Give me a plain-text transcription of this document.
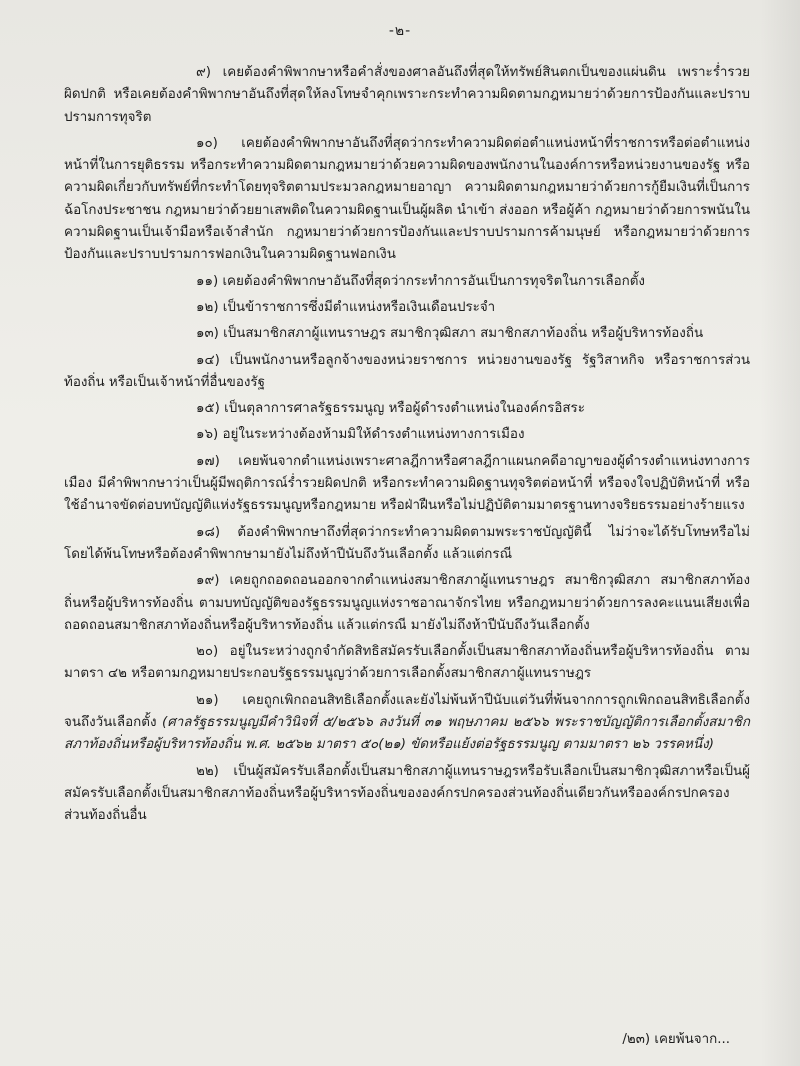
-๒-

๙) เคยต้องคำพิพากษาหรือคำสั่งของศาลอันถึงที่สุดให้ทรัพย์สินตกเป็นของแผ่นดิน เพราะร่ำรวยผิดปกติ หรือเคยต้องคำพิพากษาอันถึงที่สุดให้ลงโทษจำคุกเพราะกระทำความผิดตามกฎหมายว่าด้วยการป้องกันและปราบปรามการทุจริต

๑๐) เคยต้องคำพิพากษาอันถึงที่สุดว่ากระทำความผิดต่อตำแหน่งหน้าที่ราชการหรือต่อตำแหน่งหน้าที่ในการยุติธรรม หรือกระทำความผิดตามกฎหมายว่าด้วยความผิดของพนักงานในองค์การหรือหน่วยงานของรัฐ หรือความผิดเกี่ยวกับทรัพย์ที่กระทำโดยทุจริตตามประมวลกฎหมายอาญา ความผิดตามกฎหมายว่าด้วยการกู้ยืมเงินที่เป็นการฉ้อโกงประชาชน กฎหมายว่าด้วยยาเสพติดในความผิดฐานเป็นผู้ผลิต นำเข้า ส่งออก หรือผู้ค้า กฎหมายว่าด้วยการพนันในความผิดฐานเป็นเจ้ามือหรือเจ้าสำนัก กฎหมายว่าด้วยการป้องกันและปราบปรามการค้ามนุษย์ หรือกฎหมายว่าด้วยการป้องกันและปราบปรามการฟอกเงินในความผิดฐานฟอกเงิน

๑๑) เคยต้องคำพิพากษาอันถึงที่สุดว่ากระทำการอันเป็นการทุจริตในการเลือกตั้ง

๑๒) เป็นข้าราชการซึ่งมีตำแหน่งหรือเงินเดือนประจำ

๑๓) เป็นสมาชิกสภาผู้แทนราษฎร สมาชิกวุฒิสภา สมาชิกสภาท้องถิ่น หรือผู้บริหารท้องถิ่น

๑๔) เป็นพนักงานหรือลูกจ้างของหน่วยราชการ หน่วยงานของรัฐ รัฐวิสาหกิจ หรือราชการส่วนท้องถิ่น หรือเป็นเจ้าหน้าที่อื่นของรัฐ

๑๕) เป็นตุลาการศาลรัฐธรรมนูญ หรือผู้ดำรงตำแหน่งในองค์กรอิสระ

๑๖) อยู่ในระหว่างต้องห้ามมิให้ดำรงตำแหน่งทางการเมือง

๑๗) เคยพ้นจากตำแหน่งเพราะศาลฎีกาหรือศาลฎีกาแผนกคดีอาญาของผู้ดำรงตำแหน่งทางการเมือง มีคำพิพากษาว่าเป็นผู้มีพฤติการณ์ร่ำรวยผิดปกติ หรือกระทำความผิดฐานทุจริตต่อหน้าที่ หรือจงใจปฏิบัติหน้าที่ หรือใช้อำนาจขัดต่อบทบัญญัติแห่งรัฐธรรมนูญหรือกฎหมาย หรือฝ่าฝืนหรือไม่ปฏิบัติตามมาตรฐานทางจริยธรรมอย่างร้ายแรง

๑๘) ต้องคำพิพากษาถึงที่สุดว่ากระทำความผิดตามพระราชบัญญัตินี้ ไม่ว่าจะได้รับโทษหรือไม่ โดยได้พ้นโทษหรือต้องคำพิพากษามายังไม่ถึงห้าปีนับถึงวันเลือกตั้ง แล้วแต่กรณี

๑๙) เคยถูกถอดถอนออกจากตำแหน่งสมาชิกสภาผู้แทนราษฎร สมาชิกวุฒิสภา สมาชิกสภาท้องถิ่นหรือผู้บริหารท้องถิ่น ตามบทบัญญัติของรัฐธรรมนูญแห่งราชอาณาจักรไทย หรือกฎหมายว่าด้วยการลงคะแนนเสียงเพื่อถอดถอนสมาชิกสภาท้องถิ่นหรือผู้บริหารท้องถิ่น แล้วแต่กรณี มายังไม่ถึงห้าปีนับถึงวันเลือกตั้ง

๒๐) อยู่ในระหว่างถูกจำกัดสิทธิสมัครรับเลือกตั้งเป็นสมาชิกสภาท้องถิ่นหรือผู้บริหารท้องถิ่น ตามมาตรา ๔๒ หรือตามกฎหมายประกอบรัฐธรรมนูญว่าด้วยการเลือกตั้งสมาชิกสภาผู้แทนราษฎร

๒๑) เคยถูกเพิกถอนสิทธิเลือกตั้งและยังไม่พ้นห้าปีนับแต่วันที่พ้นจากการถูกเพิกถอนสิทธิเลือกตั้ง จนถึงวันเลือกตั้ง (ศาลรัฐธรรมนูญมีคำวินิจที่ ๕/๒๕๖๖ ลงวันที่ ๓๑ พฤษภาคม ๒๕๖๖ พระราชบัญญัติการเลือกตั้งสมาชิกสภาท้องถิ่นหรือผู้บริหารท้องถิ่น พ.ศ. ๒๕๖๒ มาตรา ๕๐(๒๑) ขัดหรือแย้งต่อรัฐธรรมนูญ ตามมาตรา ๒๖ วรรคหนึ่ง)

๒๒) เป็นผู้สมัครรับเลือกตั้งเป็นสมาชิกสภาผู้แทนราษฎรหรือรับเลือกเป็นสมาชิกวุฒิสภาหรือเป็นผู้สมัครรับเลือกตั้งเป็นสมาชิกสภาท้องถิ่นหรือผู้บริหารท้องถิ่นขององค์กรปกครองส่วนท้องถิ่นเดียวกันหรือองค์กรปกครองส่วนท้องถิ่นอื่น

/๒๓) เคยพ้นจาก...
